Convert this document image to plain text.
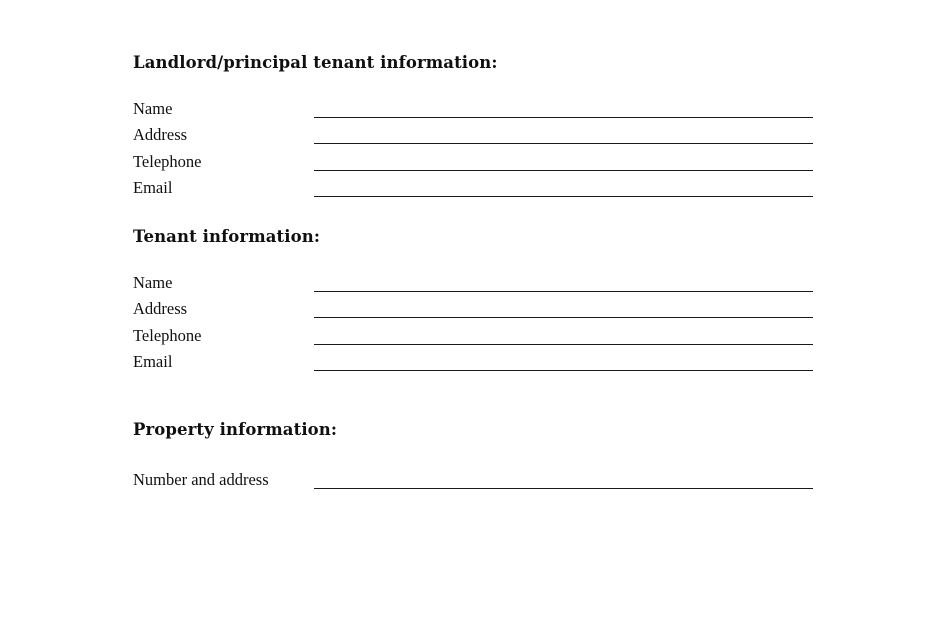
Landlord/principal tenant information:
Name
Address
Telephone
Email
Tenant information:
Name
Address
Telephone
Email
Property information:
Number and address
